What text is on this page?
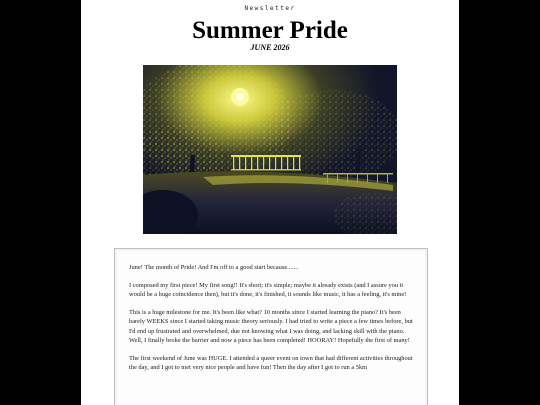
Newsletter
Summer Pride
JUNE 2026

June! The month of Pride! And I'm off to a good start because.......

I composed my first piece! My first song!! It's short; it's simple; maybe it already exists (and I assure you it would be a huge coincidence then), but it's done, it's finished, it sounds like music, it has a feeling, it's mine!

This is a huge milestone for me. It's been like what? 10 months since I started learning the piano? It's been barely WEEKS since I started taking music theory seriously. I had tried to write a piece a few times before, but I'd end up frustrated and overwhelmed, due not knowing what I was doing, and lacking skill with the piano. Well, I finally broke the barrier and now a piece has been completed! HOORAY! Hopefully the first of many!

The first weekend of June was HUGE. I attended a queer event on town that had different activities throughout the day, and I got to met very nice people and have fun! Then the day after I got to run a 5km
